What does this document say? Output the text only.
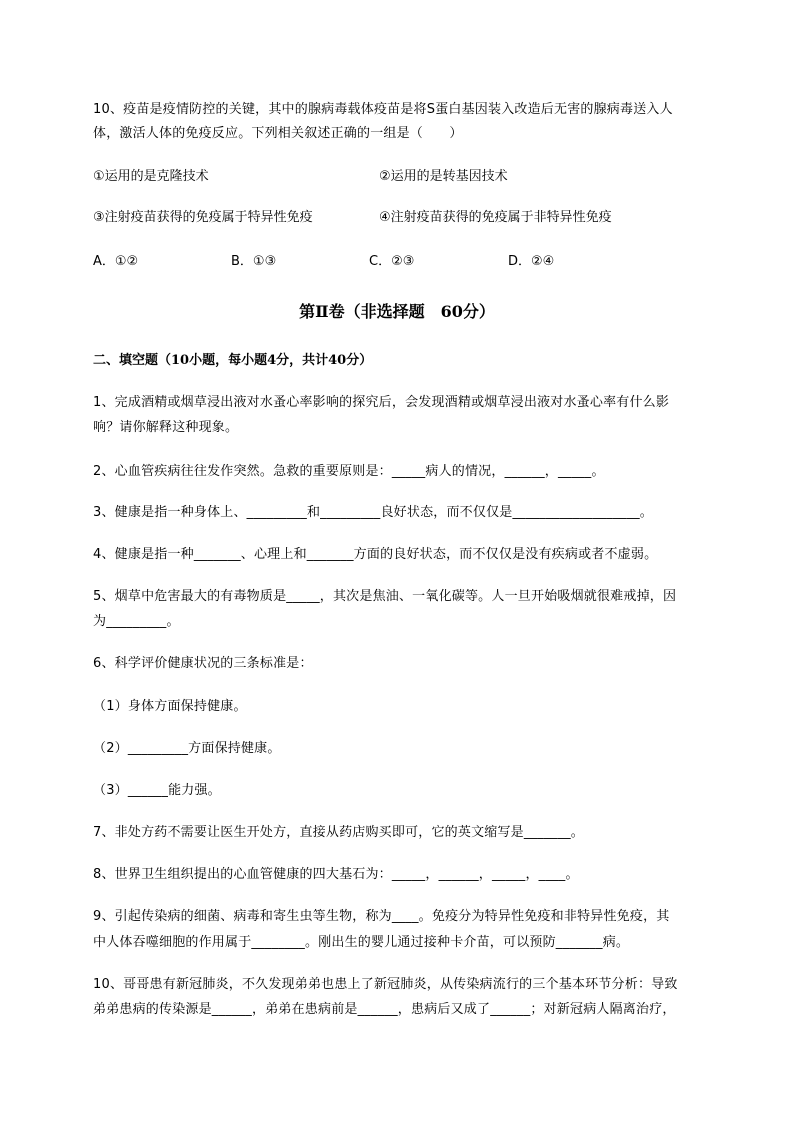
10、疫苗是疫情防控的关键，其中的腺病毒载体疫苗是将S蛋白基因装入改造后无害的腺病毒送入人
体，激活人体的免疫反应。下列相关叙述正确的一组是（　　）
①运用的是克隆技术	②运用的是转基因技术
③注射疫苗获得的免疫属于特异性免疫	④注射疫苗获得的免疫属于非特异性免疫
A．①②	B．①③	C．②③	D．②④
第Ⅱ卷（非选择题　60分）
二、填空题（10小题，每小题4分，共计40分）
1、完成酒精或烟草浸出液对水蚤心率影响的探究后，会发现酒精或烟草浸出液对水蚤心率有什么影
响？请你解释这种现象。
2、心血管疾病往往发作突然。急救的重要原则是：_____病人的情况，______，_____。
3、健康是指一种身体上、_________和_________良好状态，而不仅仅是___________________。
4、健康是指一种_______、心理上和_______方面的良好状态，而不仅仅是没有疾病或者不虚弱。
5、烟草中危害最大的有毒物质是_____，其次是焦油、一氧化碳等。人一旦开始吸烟就很难戒掉，因
为_________。
6、科学评价健康状况的三条标准是：
（1）身体方面保持健康。
（2）_________方面保持健康。
（3）______能力强。
7、非处方药不需要让医生开处方，直接从药店购买即可，它的英文缩写是_______。
8、世界卫生组织提出的心血管健康的四大基石为：_____，______，_____，____。
9、引起传染病的细菌、病毒和寄生虫等生物，称为____。免疫分为特异性免疫和非特异性免疫，其
中人体吞噬细胞的作用属于________。刚出生的婴儿通过接种卡介苗，可以预防_______病。
10、哥哥患有新冠肺炎，不久发现弟弟也患上了新冠肺炎，从传染病流行的三个基本环节分析：导致
弟弟患病的传染源是______，弟弟在患病前是______，患病后又成了______；对新冠病人隔离治疗，
